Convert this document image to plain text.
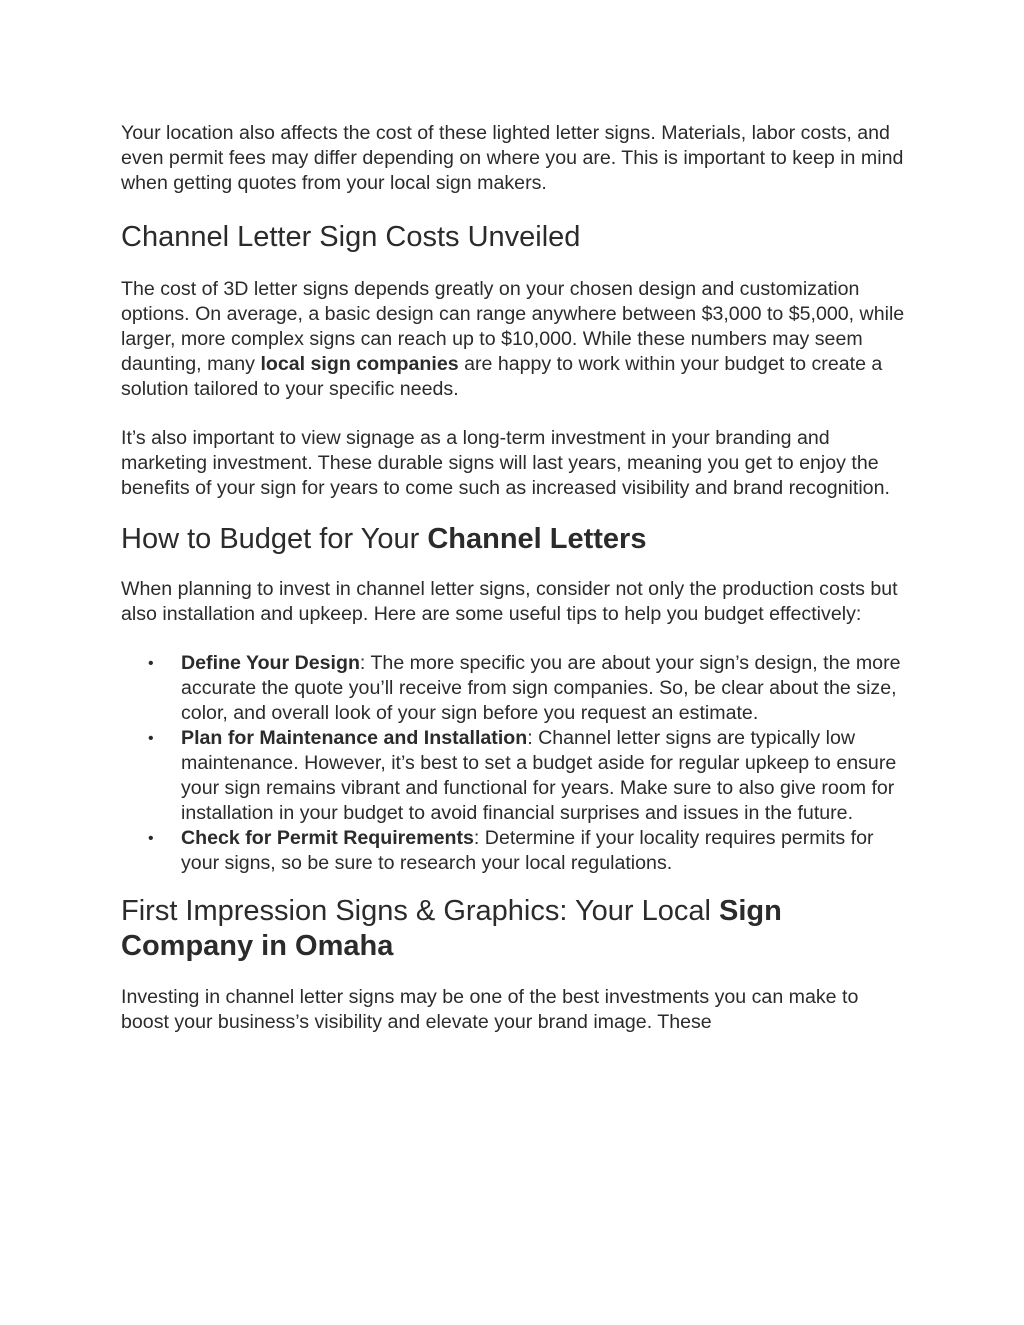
Your location also affects the cost of these lighted letter signs. Materials, labor costs, and even permit fees may differ depending on where you are. This is important to keep in mind when getting quotes from your local sign makers.

Channel Letter Sign Costs Unveiled

The cost of 3D letter signs depends greatly on your chosen design and customization options. On average, a basic design can range anywhere between $3,000 to $5,000, while larger, more complex signs can reach up to $10,000. While these numbers may seem daunting, many local sign companies are happy to work within your budget to create a solution tailored to your specific needs.

It’s also important to view signage as a long-term investment in your branding and marketing investment. These durable signs will last years, meaning you get to enjoy the benefits of your sign for years to come such as increased visibility and brand recognition.

How to Budget for Your Channel Letters

When planning to invest in channel letter signs, consider not only the production costs but also installation and upkeep. Here are some useful tips to help you budget effectively:

• Define Your Design: The more specific you are about your sign’s design, the more accurate the quote you’ll receive from sign companies. So, be clear about the size, color, and overall look of your sign before you request an estimate.
• Plan for Maintenance and Installation: Channel letter signs are typically low maintenance. However, it’s best to set a budget aside for regular upkeep to ensure your sign remains vibrant and functional for years. Make sure to also give room for installation in your budget to avoid financial surprises and issues in the future.
• Check for Permit Requirements: Determine if your locality requires permits for your signs, so be sure to research your local regulations.
First Impression Signs & Graphics: Your Local Sign Company in Omaha

Investing in channel letter signs may be one of the best investments you can make to boost your business’s visibility and elevate your brand image. These
